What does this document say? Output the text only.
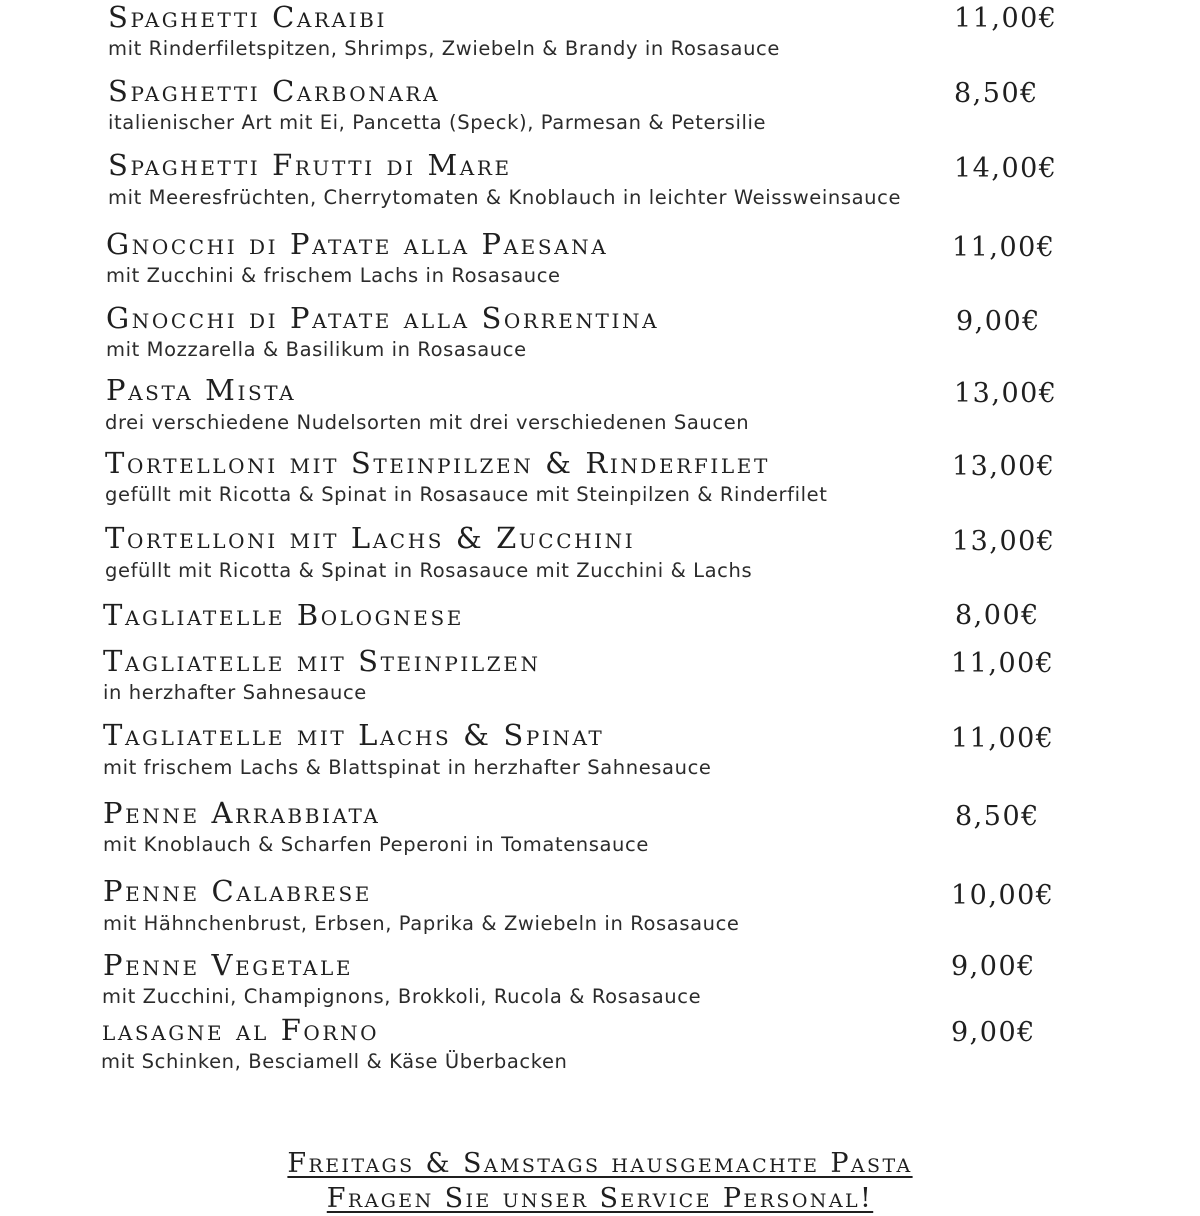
Spaghetti Caraibi
mit Rinderfiletspitzen, Shrimps, Zwiebeln & Brandy in Rosasauce
11,00€
Spaghetti Carbonara
italienischer Art mit Ei, Pancetta (Speck), Parmesan & Petersilie
8,50€
Spaghetti Frutti di Mare
mit Meeresfrüchten, Cherrytomaten & Knoblauch in leichter Weissweinsauce
14,00€
Gnocchi di Patate alla Paesana
mit Zucchini & frischem Lachs in Rosasauce
11,00€
Gnocchi di Patate alla Sorrentina
mit Mozzarella & Basilikum in Rosasauce
9,00€
Pasta Mista
drei verschiedene Nudelsorten mit drei verschiedenen Saucen
13,00€
Tortelloni mit Steinpilzen & Rinderfilet
gefüllt mit Ricotta & Spinat in Rosasauce mit Steinpilzen & Rinderfilet
13,00€
Tortelloni mit Lachs & Zucchini
gefüllt mit Ricotta & Spinat in Rosasauce mit Zucchini & Lachs
13,00€
Tagliatelle Bolognese	8,00€
Tagliatelle mit Steinpilzen
in herzhafter Sahnesauce
11,00€
Tagliatelle mit Lachs & Spinat
mit frischem Lachs & Blattspinat in herzhafter Sahnesauce
11,00€
Penne Arrabbiata
mit Knoblauch & Scharfen Peperoni in Tomatensauce
8,50€
Penne Calabrese
mit Hähnchenbrust, Erbsen, Paprika & Zwiebeln in Rosasauce
10,00€
Penne Vegetale
mit Zucchini, Champignons, Brokkoli, Rucola & Rosasauce
9,00€
lasagne al Forno
mit Schinken, Besciamell & Käse Überbacken
9,00€
Freitags & Samstags hausgemachte Pasta
Fragen Sie unser Service Personal!
